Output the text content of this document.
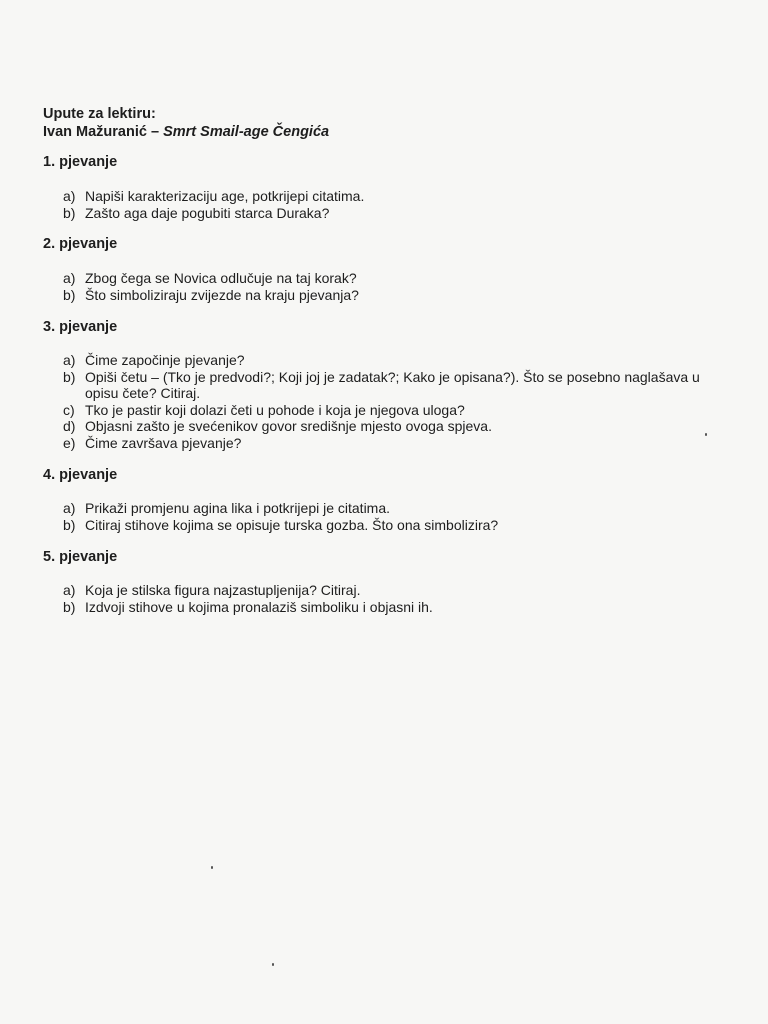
Upute za lektiru:
Ivan Mažuranić – Smrt Smail-age Čengića
1. pjevanje
a) Napiši karakterizaciju age, potkrijepi citatima.
b) Zašto aga daje pogubiti starca Duraka?
2. pjevanje
a) Zbog čega se Novica odlučuje na taj korak?
b) Što simboliziraju zvijezde na kraju pjevanja?
3. pjevanje
a) Čime započinje pjevanje?
b) Opiši četu – (Tko je predvodi?; Koji joj je zadatak?; Kako je opisana?). Što se posebno naglašava u opisu čete? Citiraj.
c) Tko je pastir koji dolazi četi u pohode i koja je njegova uloga?
d) Objasni zašto je svećenikov govor središnje mjesto ovoga spjeva.
e) Čime završava pjevanje?
4. pjevanje
a) Prikaži promjenu agina lika i potkrijepi je citatima.
b) Citiraj stihove kojima se opisuje turska gozba. Što ona simbolizira?
5. pjevanje
a) Koja je stilska figura najzastupljenija? Citiraj.
b) Izdvoji stihove u kojima pronalaziš simboliku i objasni ih.
